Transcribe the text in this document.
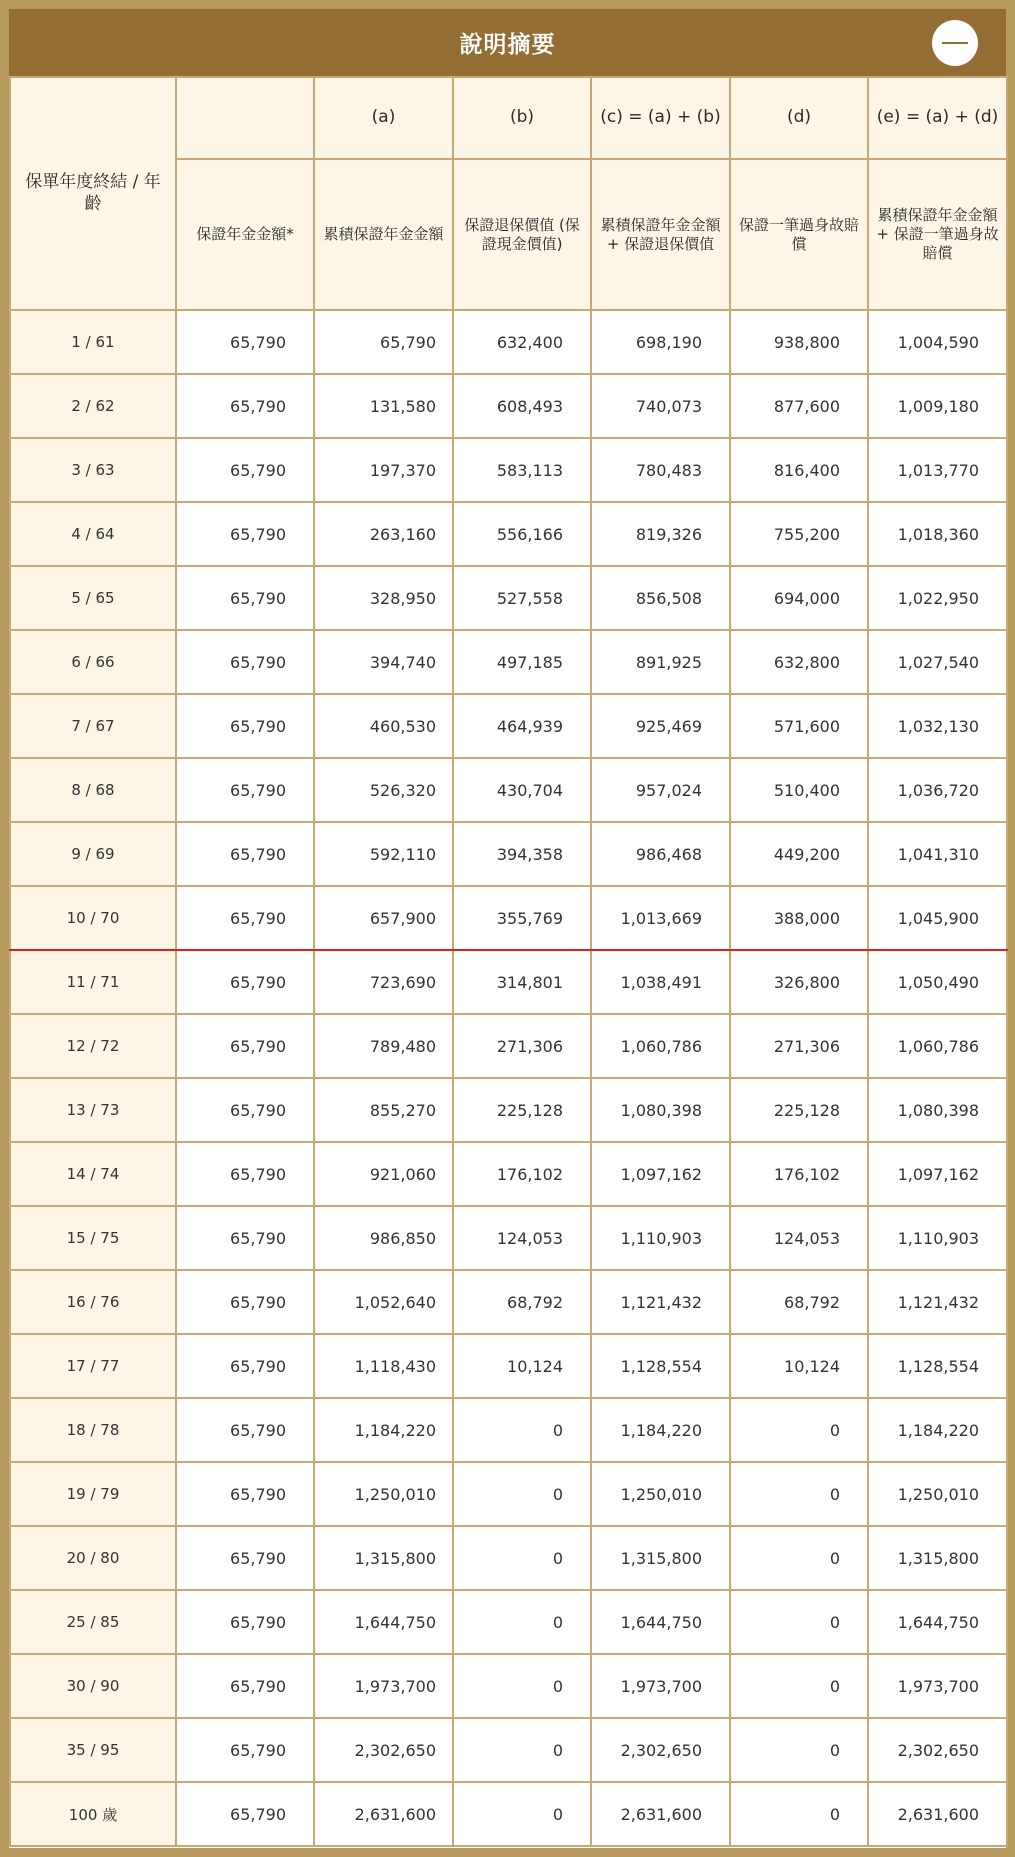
說明摘要
保單年度終結 / 年齡		(a)	(b)	(c) = (a) + (b)	(d)	(e) = (a) + (d)
	保證年金金額*	累積保證年金金額	保證退保價值 (保證現金價值)	累積保證年金金額 + 保證退保價值	保證一筆過身故賠償	累積保證年金金額 + 保證一筆過身故賠償
1 / 61	65,790	65,790	632,400	698,190	938,800	1,004,590
2 / 62	65,790	131,580	608,493	740,073	877,600	1,009,180
3 / 63	65,790	197,370	583,113	780,483	816,400	1,013,770
4 / 64	65,790	263,160	556,166	819,326	755,200	1,018,360
5 / 65	65,790	328,950	527,558	856,508	694,000	1,022,950
6 / 66	65,790	394,740	497,185	891,925	632,800	1,027,540
7 / 67	65,790	460,530	464,939	925,469	571,600	1,032,130
8 / 68	65,790	526,320	430,704	957,024	510,400	1,036,720
9 / 69	65,790	592,110	394,358	986,468	449,200	1,041,310
10 / 70	65,790	657,900	355,769	1,013,669	388,000	1,045,900
11 / 71	65,790	723,690	314,801	1,038,491	326,800	1,050,490
12 / 72	65,790	789,480	271,306	1,060,786	271,306	1,060,786
13 / 73	65,790	855,270	225,128	1,080,398	225,128	1,080,398
14 / 74	65,790	921,060	176,102	1,097,162	176,102	1,097,162
15 / 75	65,790	986,850	124,053	1,110,903	124,053	1,110,903
16 / 76	65,790	1,052,640	68,792	1,121,432	68,792	1,121,432
17 / 77	65,790	1,118,430	10,124	1,128,554	10,124	1,128,554
18 / 78	65,790	1,184,220	0	1,184,220	0	1,184,220
19 / 79	65,790	1,250,010	0	1,250,010	0	1,250,010
20 / 80	65,790	1,315,800	0	1,315,800	0	1,315,800
25 / 85	65,790	1,644,750	0	1,644,750	0	1,644,750
30 / 90	65,790	1,973,700	0	1,973,700	0	1,973,700
35 / 95	65,790	2,302,650	0	2,302,650	0	2,302,650
100 歲	65,790	2,631,600	0	2,631,600	0	2,631,600
